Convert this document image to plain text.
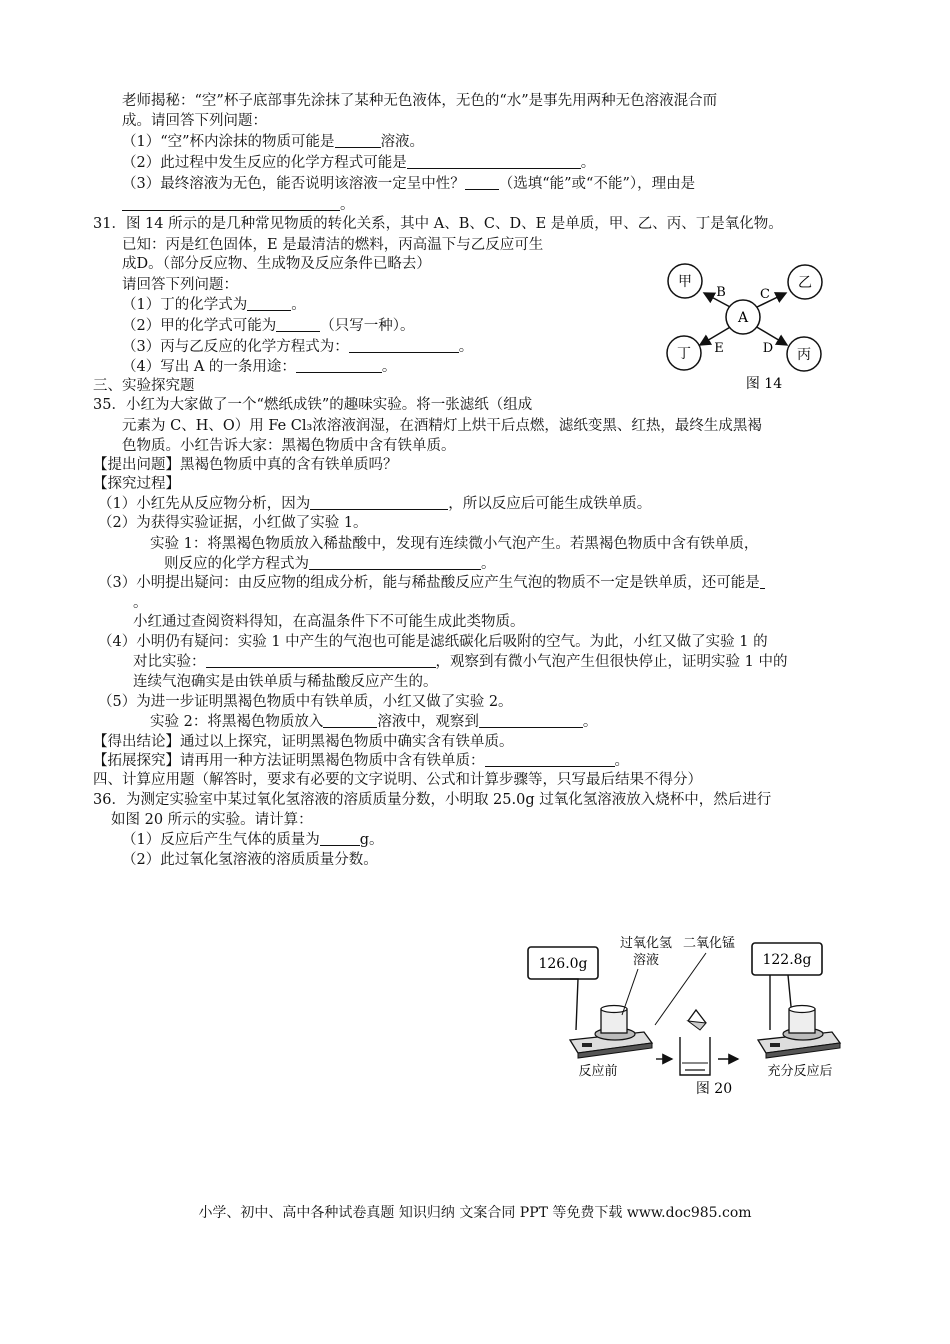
老师揭秘：“空”杯子底部事先涂抹了某种无色液体，无色的“水”是事先用两种无色溶液混合而
成。请回答下列问题：
（1）“空”杯内涂抹的物质可能是	溶液。
（2）此过程中发生反应的化学方程式可能是	。
（3）最终溶液为无色，能否说明该溶液一定呈中性？ （选填“能”或“不能”），理由是
。
31．图 14 所示的是几种常见物质的转化关系，其中 A、B、C、D、E 是单质，甲、乙、丙、丁是氧化物。
已知：丙是红色固体，E 是最清洁的燃料，丙高温下与乙反应可生
成D。（部分反应物、生成物及反应条件已略去）
请回答下列问题：
（1）丁的化学式为	。
（2）甲的化学式可能为	（只写一种）。
（3）丙与乙反应的化学方程式为：	。
（4）写出 A 的一条用途：	。
A
甲	乙
丁	丙
B	C
E	D
图 14
三、实验探究题
35．小红为大家做了一个“燃纸成铁”的趣味实验。将一张滤纸（组成
元素为 C、H、O）用 Fe Cl₃浓溶液润湿，在酒精灯上烘干后点燃，滤纸变黑、红热，最终生成黑褐
色物质。小红告诉大家：黑褐色物质中含有铁单质。
【提出问题】黑褐色物质中真的含有铁单质吗？
【探究过程】
（1）小红先从反应物分析，因为	，所以反应后可能生成铁单质。
（2）为获得实验证据，小红做了实验 1。
实验 1：将黑褐色物质放入稀盐酸中，发现有连续微小气泡产生。若黑褐色物质中含有铁单质，
则反应的化学方程式为	。
（3）小明提出疑问：由反应物的组成分析，能与稀盐酸反应产生气泡的物质不一定是铁单质，还可能是
。
小红通过查阅资料得知，在高温条件下不可能生成此类物质。
（4）小明仍有疑问：实验 1 中产生的气泡也可能是滤纸碳化后吸附的空气。为此，小红又做了实验 1 的
对比实验：	，观察到有微小气泡产生但很快停止，证明实验 1 中的
连续气泡确实是由铁单质与稀盐酸反应产生的。
（5）为进一步证明黑褐色物质中有铁单质，小红又做了实验 2。
实验 2：将黑褐色物质放入	溶液中，观察到	。
【得出结论】通过以上探究，证明黑褐色物质中确实含有铁单质。
【拓展探究】请再用一种方法证明黑褐色物质中含有铁单质：	。
四、计算应用题（解答时，要求有必要的文字说明、公式和计算步骤等，只写最后结果不得分）
36．为测定实验室中某过氧化氢溶液的溶质质量分数，小明取 25.0g 过氧化氢溶液放入烧杯中，然后进行
如图 20 所示的实验。请计算：
（1）反应后产生气体的质量为	g。
（2）此过氧化氢溶液的溶质质量分数。
126.0g
过氧化氢
溶液
二氧化锰
122.8g
反应前	充分反应后
图 20
小学、初中、高中各种试卷真题 知识归纳 文案合同 PPT 等免费下载 www.doc985.com
